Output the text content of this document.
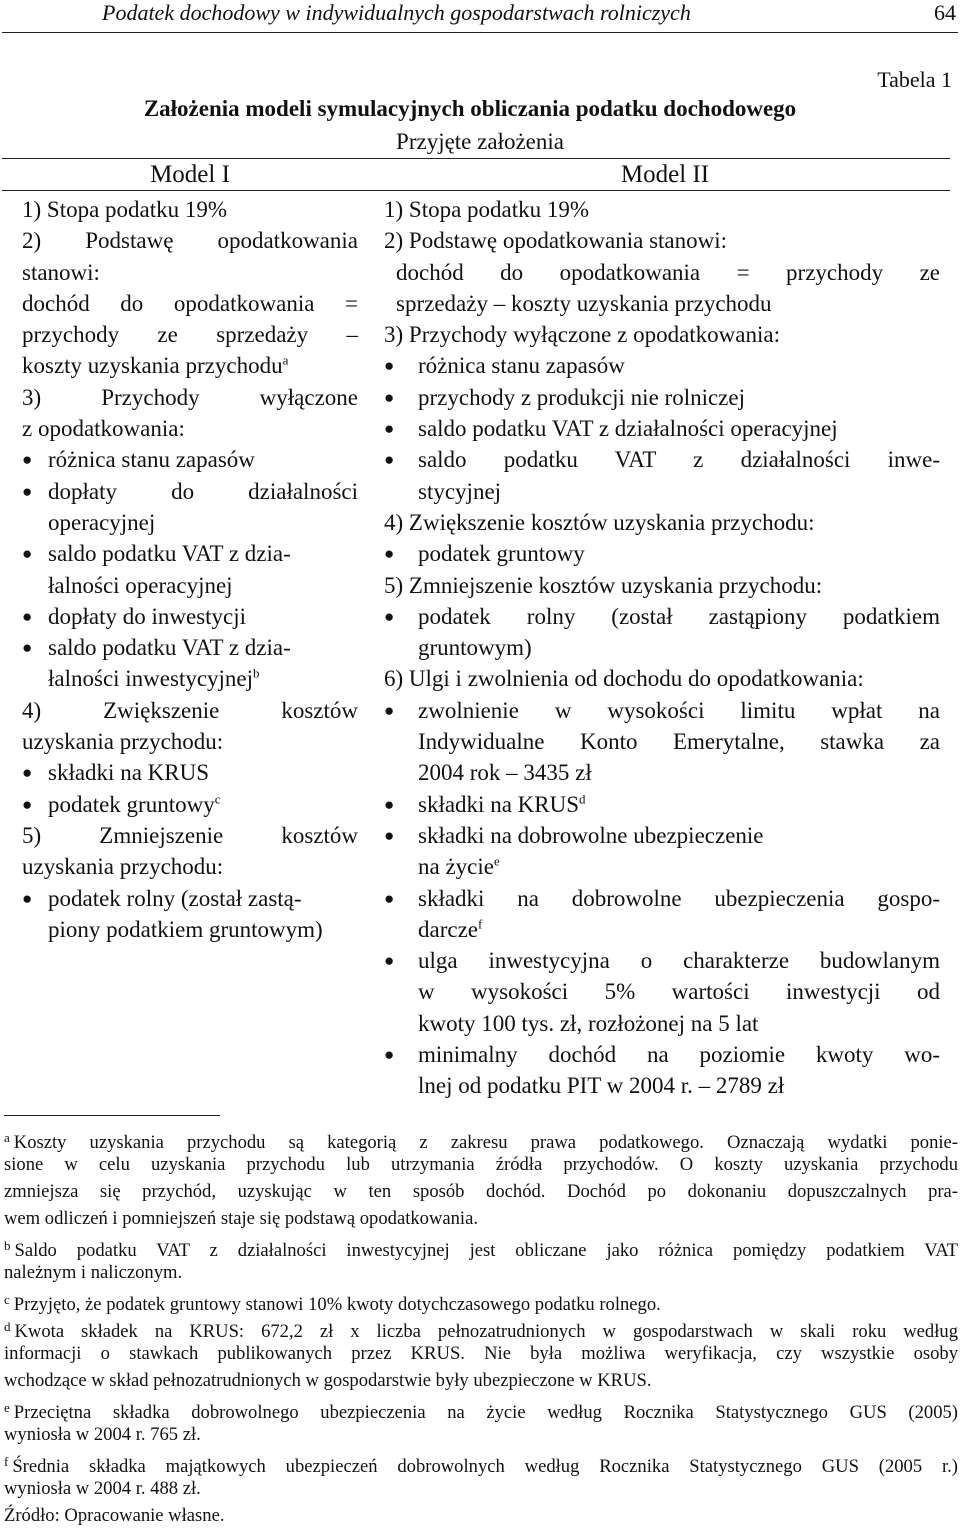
Podatek dochodowy w indywidualnych gospodarstwach rolniczych	64
Tabela 1
Założenia modeli symulacyjnych obliczania podatku dochodowego
Przyjęte założenia
Model I	Model II
1) Stopa podatku 19%
2) Podstawę opodatkowania
stanowi:
dochód do opodatkowania =
przychody ze sprzedaży –
koszty uzyskania przychodu$^a$
3) Przychody wyłączone
z opodatkowania:
● różnica stanu zapasów
● dopłaty do działalności
operacyjnej
● saldo podatku VAT z dzia-
łalności operacyjnej
● dopłaty do inwestycji
● saldo podatku VAT z dzia-
łalności inwestycyjnej$^b$
4) Zwiększenie kosztów
uzyskania przychodu:
● składki na KRUS
● podatek gruntowy$^c$
5) Zmniejszenie kosztów
uzyskania przychodu:
● podatek rolny (został zastą-
piony podatkiem gruntowym)
1) Stopa podatku 19%
2) Podstawę opodatkowania stanowi:
dochód do opodatkowania = przychody ze
sprzedaży – koszty uzyskania przychodu
3) Przychody wyłączone z opodatkowania:
● różnica stanu zapasów
● przychody z produkcji nie rolniczej
● saldo podatku VAT z działalności operacyjnej
● saldo podatku VAT z działalności inwe-
stycyjnej
4) Zwiększenie kosztów uzyskania przychodu:
● podatek gruntowy
5) Zmniejszenie kosztów uzyskania przychodu:
● podatek rolny (został zastąpiony podatkiem
gruntowym)
6) Ulgi i zwolnienia od dochodu do opodatkowania:
● zwolnienie w wysokości limitu wpłat na
Indywidualne Konto Emerytalne, stawka za
2004 rok – 3435 zł
● składki na KRUS$^d$
● składki na dobrowolne ubezpieczenie
na życie$^e$
● składki na dobrowolne ubezpieczenia gospo-
darcze$^f$
● ulga inwestycyjna o charakterze budowlanym
w wysokości 5% wartości inwestycji od
kwoty 100 tys. zł, rozłożonej na 5 lat
● minimalny dochód na poziomie kwoty wo-
lnej od podatku PIT w 2004 r. – 2789 zł
$^a$ Koszty uzyskania przychodu są kategorią z zakresu prawa podatkowego. Oznaczają wydatki ponie-
sione w celu uzyskania przychodu lub utrzymania źródła przychodów. O koszty uzyskania przychodu
zmniejsza się przychód, uzyskując w ten sposób dochód. Dochód po dokonaniu dopuszczalnych pra-
wem odliczeń i pomniejszeń staje się podstawą opodatkowania.
$^b$ Saldo podatku VAT z działalności inwestycyjnej jest obliczane jako różnica pomiędzy podatkiem VAT
należnym i naliczonym.
$^c$ Przyjęto, że podatek gruntowy stanowi 10% kwoty dotychczasowego podatku rolnego.
$^d$ Kwota składek na KRUS: 672,2 zł x liczba pełnozatrudnionych w gospodarstwach w skali roku według
informacji o stawkach publikowanych przez KRUS. Nie była możliwa weryfikacja, czy wszystkie osoby
wchodzące w skład pełnozatrudnionych w gospodarstwie były ubezpieczone w KRUS.
$^e$ Przeciętna składka dobrowolnego ubezpieczenia na życie według Rocznika Statystycznego GUS (2005)
wyniosła w 2004 r. 765 zł.
$^f$ Średnia składka majątkowych ubezpieczeń dobrowolnych według Rocznika Statystycznego GUS (2005 r.)
wyniosła w 2004 r. 488 zł.
Źródło: Opracowanie własne.
